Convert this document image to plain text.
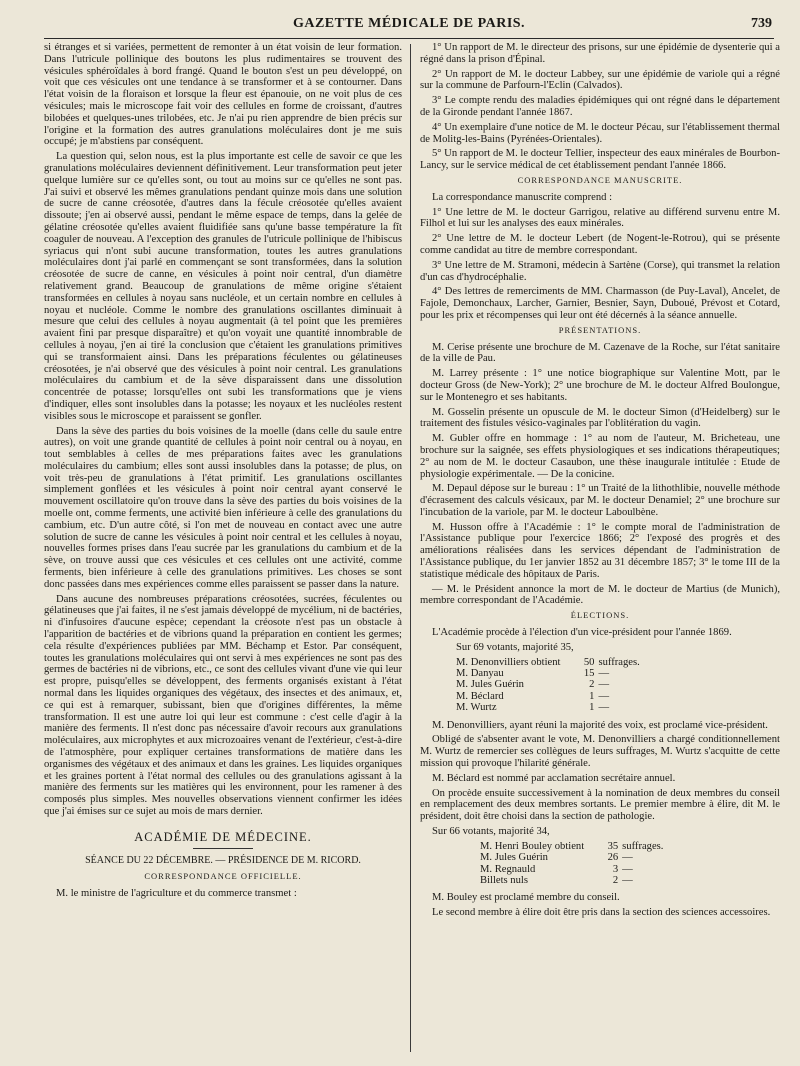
GAZETTE MÉDICALE DE PARIS.	739

si étranges et si variées, permettent de remonter à un état voisin de leur formation. Dans l'utricule pollinique des boutons les plus rudimentaires se trouvent des vésicules sphéroïdales à bord frangé. Quand le bouton s'est un peu développé, on voit que ces vésicules ont une tendance à se transformer et à se contourner. Dans l'état voisin de la floraison et lorsque la fleur est épanouie, on ne voit plus de ces vésicules; mais le microscope fait voir des cellules en forme de croissant, d'autres bilobées et quelques-unes trilobées, etc. Je n'ai pu rien apprendre de bien précis sur l'origine et la formation des autres granulations moléculaires dont je me suis occupé; je m'abstiens par conséquent.

La question qui, selon nous, est la plus importante est celle de savoir ce que les granulations moléculaires deviennent définitivement. Leur transformation peut jeter quelque lumière sur ce qu'elles sont, ou tout au moins sur ce qu'elles ne sont pas. J'ai suivi et observé les mêmes granulations pendant quinze mois dans une solution de sucre de canne créosotée, d'autres dans la fécule créosotée qu'elles avaient dissoute; j'en ai observé aussi, pendant le même espace de temps, dans la gelée de gélatine créosotée qu'elles avaient fluidifiée sans qu'une basse température la fît coaguler de nouveau. A l'exception des granules de l'utricule pollinique de l'hibiscus syriacus qui n'ont subi aucune transformation, toutes les autres granulations moléculaires dont j'ai parlé en commençant se sont transformées, dans la solution créosotée de sucre de canne, en vésicules à point noir central, d'un diamètre relativement grand. Beaucoup de granulations de même origine s'étaient transformées en cellules à noyau sans nucléole, et un certain nombre en cellules à noyau et nucléole. Comme le nombre des granulations oscillantes diminuait à mesure que celui des cellules à noyau augmentait (à tel point que les premières avaient fini par presque disparaître) et qu'on voyait une quantité innombrable de cellules à noyau, j'en ai tiré la conclusion que c'étaient les granulations primitives qui se transformaient ainsi. Dans les préparations féculentes ou gélatineuses créosotées, je n'ai observé que des vésicules à point noir central. Les granulations moléculaires du cambium et de la sève disparaissent dans une dissolution concentrée de potasse; lorsqu'elles ont subi les transformations que je viens d'indiquer, elles sont insolubles dans la potasse; les noyaux et les nucléoles restent visibles sous le microscope et paraissent se gonfler.

Dans la sève des parties du bois voisines de la moelle (dans celle du saule entre autres), on voit une grande quantité de cellules à point noir central ou à noyau, en tout semblables à celles de mes préparations faites avec les granulations moléculaires du cambium; elles sont aussi insolubles dans la potasse; de plus, on voit très-peu de granulations à l'état primitif. Les granulations oscillantes simplement gonflées et les vésicules à point noir central ayant conservé le mouvement oscillatoire qu'on trouve dans la sève des parties du bois voisines de la moelle ont, comme ferments, une activité bien inférieure à celle des granulations du cambium, etc. D'un autre côté, si l'on met de nouveau en contact avec une autre solution de sucre de canne les vésicules à point noir central et les cellules à noyau, nouvelles formes prises dans l'eau sucrée par les granulations du cambium et de la sève, on trouve aussi que ces vésicules et ces cellules ont une activité, comme ferments, bien inférieure à celle des granulations primitives. Les choses se sont donc passées dans mes expériences comme elles paraissent se passer dans la nature.

Dans aucune des nombreuses préparations créosotées, sucrées, féculentes ou gélatineuses que j'ai faites, il ne s'est jamais développé de mycélium, ni de bactéries, ni d'infusoires d'aucune espèce; cependant la créosote n'est pas un obstacle à l'apparition de bactéries et de vibrions quand la préparation en contient les germes; cela résulte d'expériences publiées par MM. Béchamp et Estor. Par conséquent, toutes les granulations moléculaires qui ont servi à mes expériences ne sont pas des germes de bactéries ni de vibrions, etc., ce sont des cellules vivant d'une vie qui leur est propre, puisqu'elles se développent, des ferments organisés existant à l'état normal dans les liquides organiques des végétaux, des insectes et des animaux, et, ce qui est à remarquer, subissant, bien que d'origines différentes, la même transformation. Il est une autre loi qui leur est commune : c'est celle d'agir à la manière des ferments. Il n'est donc pas nécessaire d'avoir recours aux granulations moléculaires, aux microphytes et aux microzoaires venant de l'extérieur, c'est-à-dire de l'atmosphère, pour expliquer certaines transformations de matière dans les organismes des végétaux et des animaux et dans les graines. Les liquides organiques et les graines portent à l'état normal des cellules ou des granulations agissant à la manière des ferments sur les matières qui les environnent, pour les ramener à des composés plus simples. Mes nouvelles observations viennent confirmer les idées que j'ai émises sur ce sujet au mois de mars dernier.

ACADÉMIE DE MÉDECINE.
SÉANCE DU 22 DÉCEMBRE. — PRÉSIDENCE DE M. RICORD.
CORRESPONDANCE OFFICIELLE.

M. le ministre de l'agriculture et du commerce transmet :

1° Un rapport de M. le directeur des prisons, sur une épidémie de dysenterie qui a régné dans la prison d'Épinal.

2° Un rapport de M. le docteur Labbey, sur une épidémie de variole qui a régné sur la commune de Parfourn-l'Eclin (Calvados).

3° Le compte rendu des maladies épidémiques qui ont régné dans le département de la Gironde pendant l'année 1867.

4° Un exemplaire d'une notice de M. le docteur Pécau, sur l'établissement thermal de Molitg-les-Bains (Pyrénées-Orientales).

5° Un rapport de M. le docteur Tellier, inspecteur des eaux minérales de Bourbon-Lancy, sur le service médical de cet établissement pendant l'année 1866.

CORRESPONDANCE MANUSCRITE.

La correspondance manuscrite comprend :

1° Une lettre de M. le docteur Garrigou, relative au différend survenu entre M. Filhol et lui sur les analyses des eaux minérales.

2° Une lettre de M. le docteur Lebert (de Nogent-le-Rotrou), qui se présente comme candidat au titre de membre correspondant.

3° Une lettre de M. Stramoni, médecin à Sartène (Corse), qui transmet la relation d'un cas d'hydrocéphalie.

4° Des lettres de remerciments de MM. Charmasson (de Puy-Laval), Ancelet, de Fajole, Demonchaux, Larcher, Garnier, Besnier, Sayn, Duboué, Prévost et Cotard, pour les prix et récompenses qui leur ont été décernés à la séance annuelle.

PRÉSENTATIONS.

M. Cerise présente une brochure de M. Cazenave de la Roche, sur l'état sanitaire de la ville de Pau.

M. Larrey présente : 1° une notice biographique sur Valentine Mott, par le docteur Gross (de New-York); 2° une brochure de M. le docteur Alfred Boulongue, sur le Montenegro et ses habitants.

M. Gosselin présente un opuscule de M. le docteur Simon (d'Heidelberg) sur le traitement des fistules vésico-vaginales par l'oblitération du vagin.

M. Gubler offre en hommage : 1° au nom de l'auteur, M. Bricheteau, une brochure sur la saignée, ses effets physiologiques et ses indications thérapeutiques; 2° au nom de M. le docteur Casaubon, une thèse inaugurale intitulée : Etude de physiologie expérimentale. — De la conicine.

M. Depaul dépose sur le bureau : 1° un Traité de la lithothlibie, nouvelle méthode d'écrasement des calculs vésicaux, par M. le docteur Denamiel; 2° une brochure sur l'incubation de la variole, par M. le docteur Laboulbène.

M. Husson offre à l'Académie : 1° le compte moral de l'administration de l'Assistance publique pour l'exercice 1866; 2° l'exposé des progrès et des améliorations réalisées dans les services dépendant de l'administration de l'Assistance publique, du 1er janvier 1852 au 31 décembre 1857; 3° le tome III de la statistique médicale des hôpitaux de Paris.

— M. le Président annonce la mort de M. le docteur de Martius (de Munich), membre correspondant de l'Académie.

ÉLECTIONS.

L'Académie procède à l'élection d'un vice-président pour l'année 1869.

Sur 69 votants, majorité 35,

M. Denonvilliers obtient	50	suffrages.
M. Danyau	15	—
M. Jules Guérin	2	—
M. Béclard	1	—
M. Wurtz	1	—

M. Denonvilliers, ayant réuni la majorité des voix, est proclamé vice-président.

Obligé de s'absenter avant le vote, M. Denonvilliers a chargé conditionnellement M. Wurtz de remercier ses collègues de leurs suffrages, M. Wurtz s'acquitte de cette mission qui provoque l'hilarité générale.

M. Béclard est nommé par acclamation secrétaire annuel.

On procède ensuite successivement à la nomination de deux membres du conseil en remplacement des deux membres sortants. Le premier membre à élire, dit M. le président, doit être choisi dans la section de pathologie.

Sur 66 votants, majorité 34,

M. Henri Bouley obtient	35	suffrages.
M. Jules Guérin	26	—
M. Regnauld	3	—
Billets nuls	2	—

M. Bouley est proclamé membre du conseil.

Le second membre à élire doit être pris dans la section des sciences accessoires.
